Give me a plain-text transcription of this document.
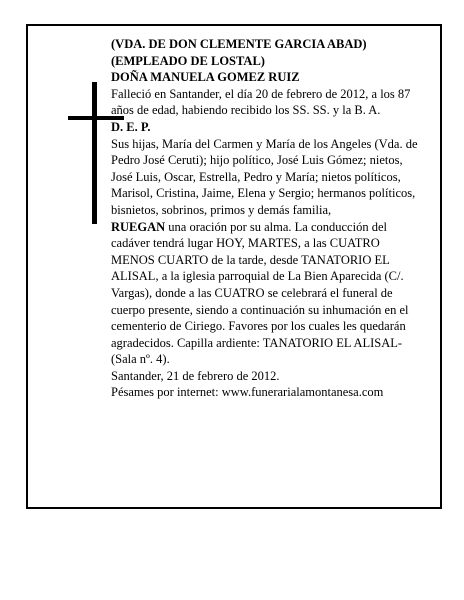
(VDA. DE DON CLEMENTE GARCIA ABAD)

(EMPLEADO DE LOSTAL)

DOÑA MANUELA GOMEZ RUIZ

Falleció en Santander, el día 20 de febrero de 2012, a los 87 años de edad, habiendo recibido los SS. SS. y la B. A.

D. E. P.

Sus hijas, María del Carmen y María de los Angeles (Vda. de Pedro José Ceruti); hijo político, José Luis Gómez; nietos, José Luis, Oscar, Estrella, Pedro y María; nietos políticos, Marisol, Cristina, Jaime, Elena y Sergio; hermanos políticos, bisnietos, sobrinos, primos y demás familia,

RUEGAN una oración por su alma. La conducción del cadáver tendrá lugar HOY, MARTES, a las CUATRO MENOS CUARTO de la tarde, desde TANATORIO EL ALISAL, a la iglesia parroquial de La Bien Aparecida (C/. Vargas), donde a las CUATRO se celebrará el funeral de cuerpo presente, siendo a continuación su inhumación en el cementerio de Ciriego. Favores por los cuales les quedarán agradecidos. Capilla ardiente: TANATORIO EL ALISAL-(Sala nº. 4).

Santander, 21 de febrero de 2012.

Pésames por internet: www.funerarialamontanesa.com
